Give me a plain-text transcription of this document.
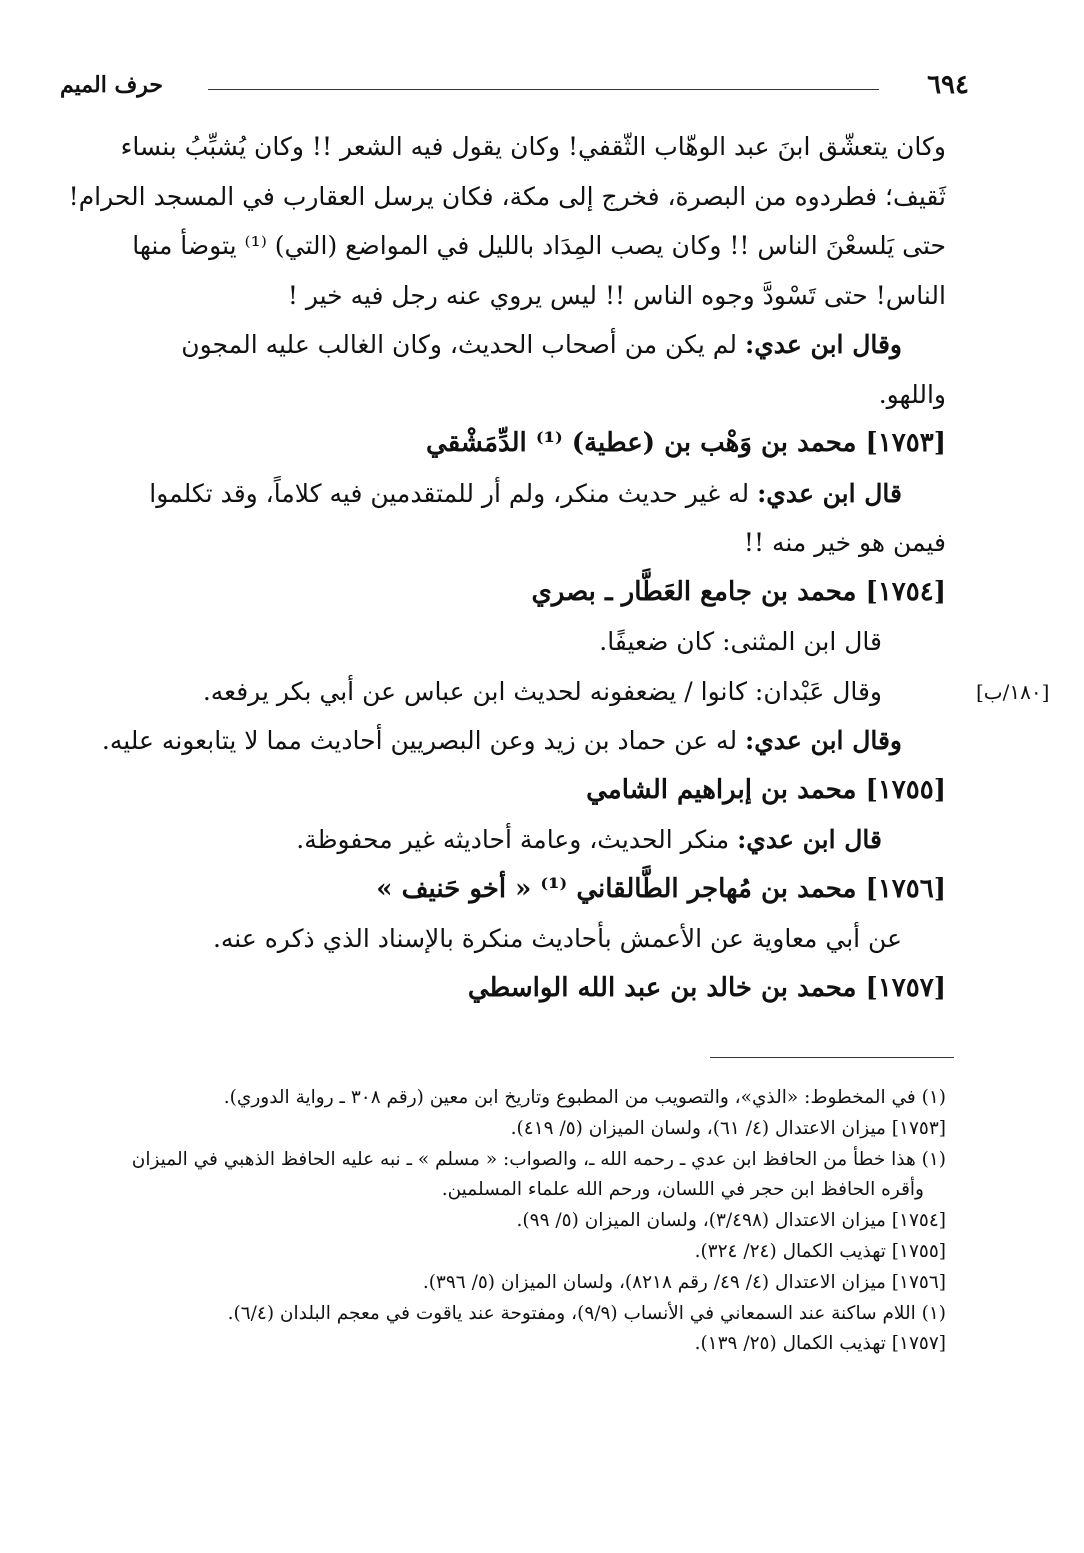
حرف الميم	٦٩٤
[١٨٠/ب]

وكان يتعشّق ابنَ عبد الوهّاب الثّقفي! وكان يقول فيه الشعر !! وكان يُشبِّبُ بنساء

ثَقيف؛ فطردوه من البصرة، فخرج إلى مكة، فكان يرسل العقارب في المسجد الحرام!

حتى يَلسعْنَ الناس !! وكان يصب المِدَاد بالليل في المواضع (التي) ⁽¹⁾ يتوضأ منها

الناس! حتى تَسْودَّ وجوه الناس !! ليس يروي عنه رجل فيه خير !

وقال ابن عدي: لم يكن من أصحاب الحديث، وكان الغالب عليه المجون

واللهو.

[١٧٥٣] محمد بن وَهْب بن (عطية) ⁽¹⁾ الدِّمَشْقي

قال ابن عدي: له غير حديث منكر، ولم أر للمتقدمين فيه كلاماً، وقد تكلموا

فيمن هو خير منه !!

[١٧٥٤] محمد بن جامع العَطَّار ـ بصري

قال ابن المثنى: كان ضعيفًا.

وقال عَبْدان: كانوا / يضعفونه لحديث ابن عباس عن أبي بكر يرفعه.

وقال ابن عدي: له عن حماد بن زيد وعن البصريين أحاديث مما لا يتابعونه عليه.

[١٧٥٥] محمد بن إبراهيم الشامي

قال ابن عدي: منكر الحديث، وعامة أحاديثه غير محفوظة.

[١٧٥٦] محمد بن مُهاجر الطَّالقاني ⁽¹⁾ « أخو حَنيف »

عن أبي معاوية عن الأعمش بأحاديث منكرة بالإسناد الذي ذكره عنه.

[١٧٥٧] محمد بن خالد بن عبد الله الواسطي

(١) في المخطوط: «الذي»، والتصويب من المطبوع وتاريخ ابن معين (رقم ٣٠٨ ـ رواية الدوري).

[١٧٥٣] ميزان الاعتدال (٤/ ٦١)، ولسان الميزان (٥/ ٤١٩).

(١) هذا خطأ من الحافظ ابن عدي ـ رحمه الله ـ، والصواب: « مسلم » ـ نبه عليه الحافظ الذهبي في الميزان

وأقره الحافظ ابن حجر في اللسان، ورحم الله علماء المسلمين.

[١٧٥٤] ميزان الاعتدال (٣/٤٩٨)، ولسان الميزان (٥/ ٩٩).

[١٧٥٥] تهذيب الكمال (٢٤/ ٣٢٤).

[١٧٥٦] ميزان الاعتدال (٤/ ٤٩/ رقم ٨٢١٨)، ولسان الميزان (٥/ ٣٩٦).

(١) اللام ساكنة عند السمعاني في الأنساب (٩/٩)، ومفتوحة عند ياقوت في معجم البلدان (٦/٤).

[١٧٥٧] تهذيب الكمال (٢٥/ ١٣٩).
